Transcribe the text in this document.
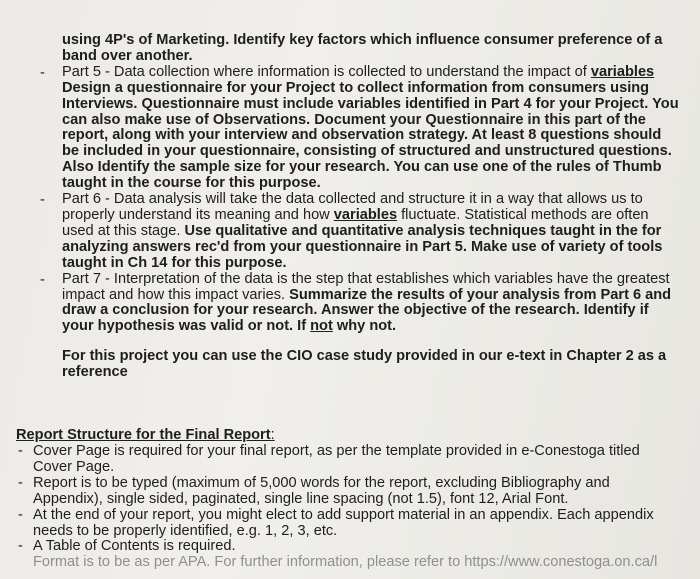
using 4P's of Marketing. Identify key factors which influence consumer preference of a
band over another.
- Part 5 - Data collection where information is collected to understand the impact of variables
Design a questionnaire for your Project to collect information from consumers using
Interviews. Questionnaire must include variables identified in Part 4 for your Project. You
can also make use of Observations. Document your Questionnaire in this part of the
report, along with your interview and observation strategy. At least 8 questions should
be included in your questionnaire, consisting of structured and unstructured questions.
Also Identify the sample size for your research. You can use one of the rules of Thumb
taught in the course for this purpose.
- Part 6 - Data analysis will take the data collected and structure it in a way that allows us to
properly understand its meaning and how variables fluctuate. Statistical methods are often
used at this stage. Use qualitative and quantitative analysis techniques taught in the for
analyzing answers rec'd from your questionnaire in Part 5. Make use of variety of tools
taught in Ch 14 for this purpose.
- Part 7 - Interpretation of the data is the step that establishes which variables have the greatest
impact and how this impact varies. Summarize the results of your analysis from Part 6 and
draw a conclusion for your research. Answer the objective of the research. Identify if
your hypothesis was valid or not. If not why not.
For this project you can use the CIO case study provided in our e-text in Chapter 2 as a
reference
Report Structure for the Final Report:
- Cover Page is required for your final report, as per the template provided in e-Conestoga titled
Cover Page.
- Report is to be typed (maximum of 5,000 words for the report, excluding Bibliography and
Appendix), single sided, paginated, single line spacing (not 1.5), font 12, Arial Font.
- At the end of your report, you might elect to add support material in an appendix. Each appendix
needs to be properly identified, e.g. 1, 2, 3, etc.
- A Table of Contents is required.
Format is to be as per APA. For further information, please refer to https://www.conestoga.on.ca/l
